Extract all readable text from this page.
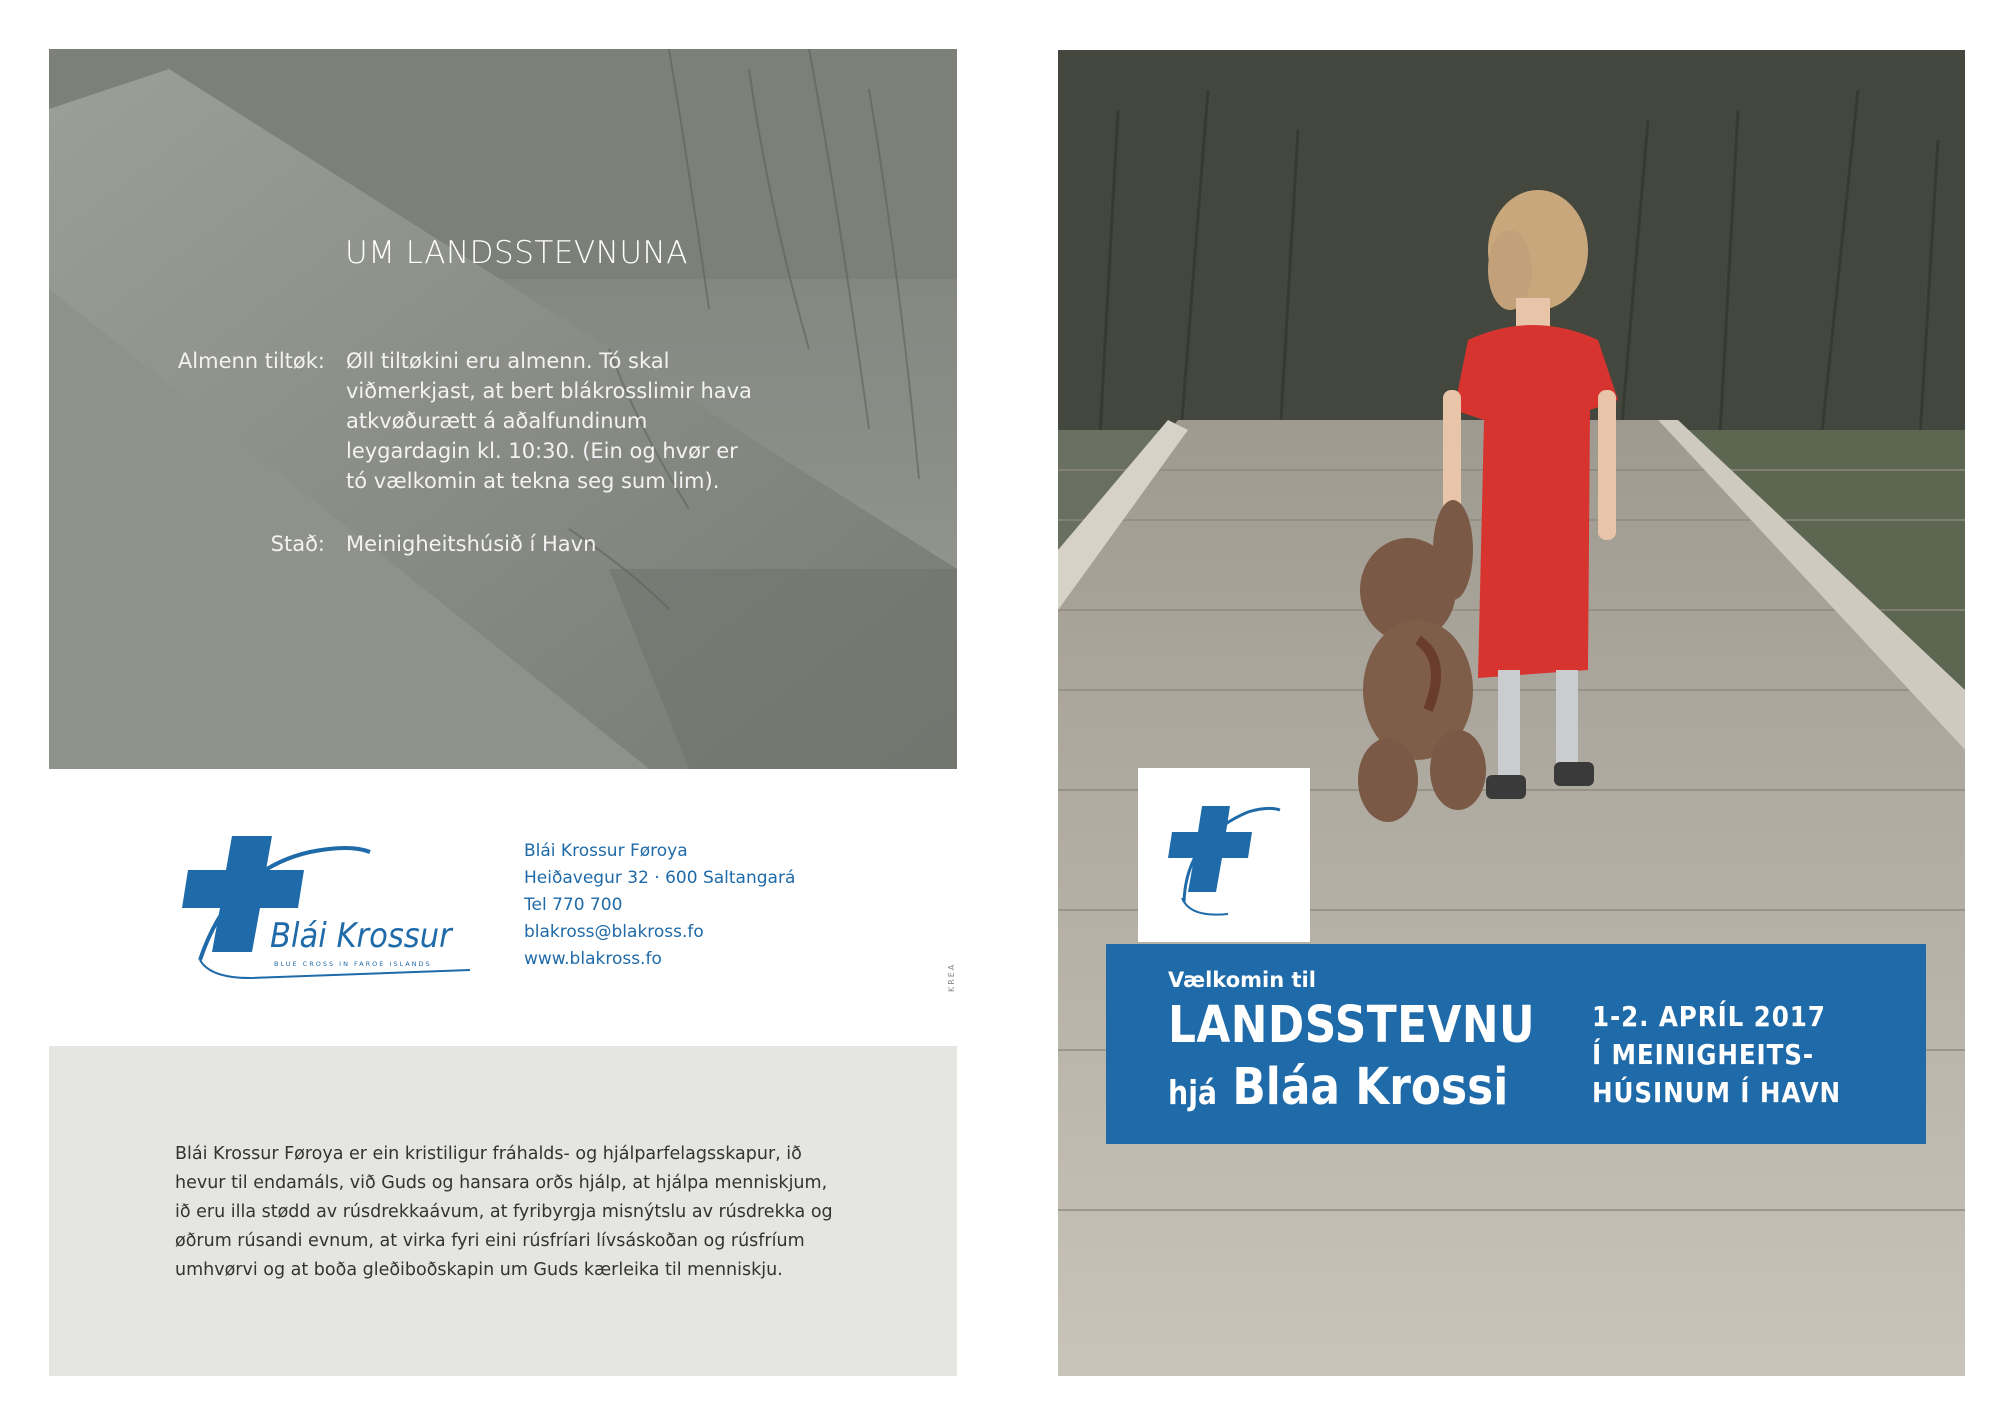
UM LANDSSTEVNUNA
Almenn tiltøk: Øll tiltøkini eru almenn. Tó skal
viðmerkjast, at bert blákrosslimir hava
atkvøðurætt á aðalfundinum
leygardagin kl. 10:30. (Ein og hvør er
tó vælkomin at tekna seg sum lim).
Stað: Meinigheitshúsið í Havn
Blái Krossur
BLUE CROSS IN FAROE ISLANDS
Blái Krossur Føroya
Heiðavegur 32 · 600 Saltangará
Tel 770 700
blakross@blakross.fo
www.blakross.fo
KREA
Blái Krossur Føroya er ein kristiligur fráhalds- og hjálparfelagsskapur, ið
hevur til endamáls, við Guds og hansara orðs hjálp, at hjálpa menniskjum,
ið eru illa stødd av rúsdrekkaávum, at fyribyrgja misnýtslu av rúsdrekka og
øðrum rúsandi evnum, at virka fyri eini rúsfríari lívsáskoðan og rúsfríum
umhvørvi og at boða gleðiboðskapin um Guds kærleika til menniskju.
Vælkomin til
LANDSSTEVNU
hjá Bláa Krossi
1-2. APRÍL 2017
Í MEINIGHEITS-
HÚSINUM Í HAVN
